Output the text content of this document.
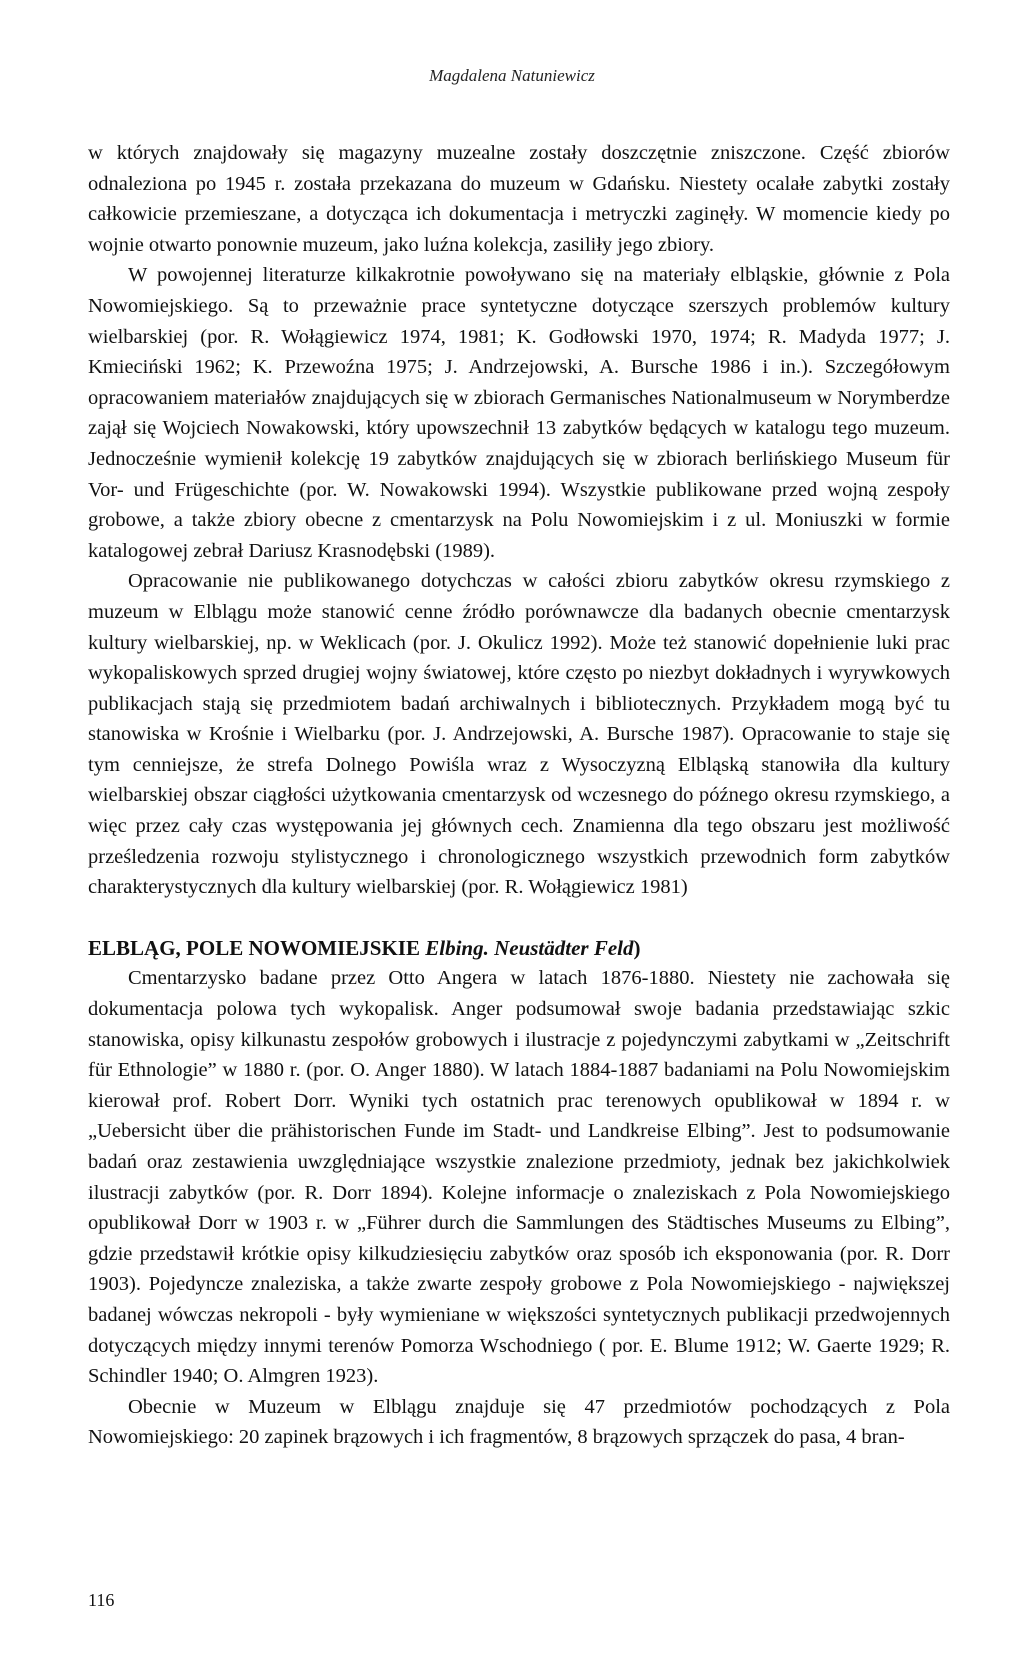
Magdalena Natuniewicz

w których znajdowały się magazyny muzealne zostały doszczętnie zniszczone. Część zbiorów odnaleziona po 1945 r. została przekazana do muzeum w Gdańsku. Niestety ocalałe zabytki zostały całkowicie przemieszane, a dotycząca ich dokumentacja i metryczki zaginęły. W momencie kiedy po wojnie otwarto ponownie muzeum, jako luźna kolekcja, zasiliły jego zbiory.

W powojennej literaturze kilkakrotnie powoływano się na materiały elbląskie, głównie z Pola Nowomiejskiego. Są to przeważnie prace syntetyczne dotyczące szerszych problemów kultury wielbarskiej (por. R. Wołągiewicz 1974, 1981; K. Godłowski 1970, 1974; R. Madyda 1977; J. Kmieciński 1962; K. Przewoźna 1975; J. Andrzejowski, A. Bursche 1986 i in.). Szczegółowym opracowaniem materiałów znajdujących się w zbiorach Germanisches Nationalmuseum w Norymberdze zajął się Wojciech Nowakowski, który upowszechnił 13 zabytków będących w katalogu tego muzeum. Jednocześnie wymienił kolekcję 19 zabytków znajdujących się w zbiorach berlińskiego Museum für Vor- und Frügeschichte (por. W. Nowakowski 1994). Wszystkie publikowane przed wojną zespoły grobowe, a także zbiory obecne z cmentarzysk na Polu Nowomiejskim i z ul. Moniuszki w formie katalogowej zebrał Dariusz Krasnodębski (1989).

Opracowanie nie publikowanego dotychczas w całości zbioru zabytków okresu rzymskiego z muzeum w Elblągu może stanowić cenne źródło porównawcze dla badanych obecnie cmentarzysk kultury wielbarskiej, np. w Weklicach (por. J. Okulicz 1992). Może też stanowić dopełnienie luki prac wykopaliskowych sprzed drugiej wojny światowej, które często po niezbyt dokładnych i wyrywkowych publikacjach stają się przedmiotem badań archiwalnych i bibliotecznych. Przykładem mogą być tu stanowiska w Krośnie i Wielbarku (por. J. Andrzejowski, A. Bursche 1987). Opracowanie to staje się tym cenniejsze, że strefa Dolnego Powiśla wraz z Wysoczyzną Elbląską stanowiła dla kultury wielbarskiej obszar ciągłości użytkowania cmentarzysk od wczesnego do późnego okresu rzymskiego, a więc przez cały czas występowania jej głównych cech. Znamienna dla tego obszaru jest możliwość prześledzenia rozwoju stylistycznego i chronologicznego wszystkich przewodnich form zabytków charakterystycznych dla kultury wielbarskiej (por. R. Wołągiewicz 1981)

ELBLĄG, POLE NOWOMIEJSKIE Elbing. Neustädter Feld)

Cmentarzysko badane przez Otto Angera w latach 1876-1880. Niestety nie zachowała się dokumentacja polowa tych wykopalisk. Anger podsumował swoje badania przedstawiając szkic stanowiska, opisy kilkunastu zespołów grobowych i ilustracje z pojedynczymi zabytkami w „Zeitschrift für Ethnologie” w 1880 r. (por. O. Anger 1880). W latach 1884-1887 badaniami na Polu Nowomiejskim kierował prof. Robert Dorr. Wyniki tych ostatnich prac terenowych opublikował w 1894 r. w „Uebersicht über die prähistorischen Funde im Stadt- und Landkreise Elbing”. Jest to podsumowanie badań oraz zestawienia uwzględniające wszystkie znalezione przedmioty, jednak bez jakichkolwiek ilustracji zabytków (por. R. Dorr 1894). Kolejne informacje o znaleziskach z Pola Nowomiejskiego opublikował Dorr w 1903 r. w „Führer durch die Sammlungen des Städtisches Museums zu Elbing”, gdzie przedstawił krótkie opisy kilkudziesięciu zabytków oraz sposób ich eksponowania (por. R. Dorr 1903). Pojedyncze znaleziska, a także zwarte zespoły grobowe z Pola Nowomiejskiego - największej badanej wówczas nekropoli - były wymieniane w większości syntetycznych publikacji przedwojennych dotyczących między innymi terenów Pomorza Wschodniego ( por. E. Blume 1912; W. Gaerte 1929; R. Schindler 1940; O. Almgren 1923).

Obecnie w Muzeum w Elblągu znajduje się 47 przedmiotów pochodzących z Pola Nowomiejskiego: 20 zapinek brązowych i ich fragmentów, 8 brązowych sprzączek do pasa, 4 bran-

116
